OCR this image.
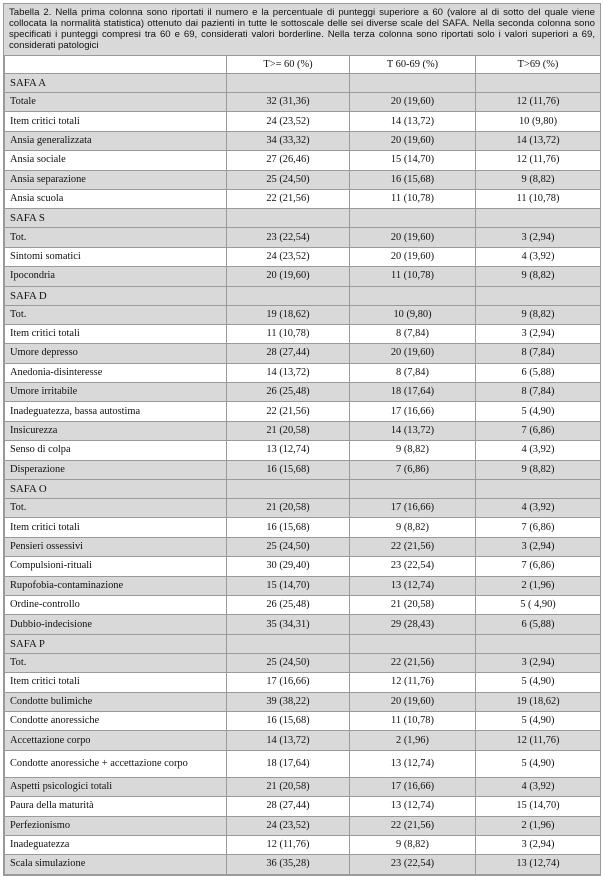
Tabella 2. Nella prima colonna sono riportati il numero e la percentuale di punteggi superiore a 60 (valore al di sotto del quale viene collocata la normalità statistica) ottenuto dai pazienti in tutte le sottoscale delle sei diverse scale del SAFA. Nella seconda colonna sono specificati i punteggi compresi tra 60 e 69, considerati valori borderline. Nella terza colonna sono riportati solo i valori superiori a 69, considerati patologici
	T>= 60 (%)	T 60-69 (%)	T>69 (%)
SAFA A			
Totale	32 (31,36)	20 (19,60)	12 (11,76)
Item critici totali	24 (23,52)	14 (13,72)	10 (9,80)
Ansia generalizzata	34 (33,32)	20 (19,60)	14 (13,72)
Ansia sociale	27 (26,46)	15 (14,70)	12 (11,76)
Ansia separazione	25 (24,50)	16 (15,68)	9 (8,82)
Ansia scuola	22 (21,56)	11 (10,78)	11 (10,78)
SAFA S			
Tot.	23 (22,54)	20 (19,60)	3 (2,94)
Sintomi somatici	24 (23,52)	20 (19,60)	4 (3,92)
Ipocondria	20 (19,60)	11 (10,78)	9 (8,82)
SAFA D			
Tot.	19 (18,62)	10 (9,80)	9 (8,82)
Item critici totali	11 (10,78)	8 (7,84)	3 (2,94)
Umore depresso	28 (27,44)	20 (19,60)	8 (7,84)
Anedonia-disinteresse	14 (13,72)	8 (7,84)	6 (5,88)
Umore irritabile	26 (25,48)	18 (17,64)	8 (7,84)
Inadeguatezza, bassa autostima	22 (21,56)	17 (16,66)	5 (4,90)
Insicurezza	21 (20,58)	14 (13,72)	7 (6,86)
Senso di colpa	13 (12,74)	9 (8,82)	4 (3,92)
Disperazione	16 (15,68)	7 (6,86)	9 (8,82)
SAFA O			
Tot.	21 (20,58)	17 (16,66)	4 (3,92)
Item critici totali	16 (15,68)	9 (8,82)	7 (6,86)
Pensieri ossessivi	25 (24,50)	22 (21,56)	3 (2,94)
Compulsioni-rituali	30 (29,40)	23 (22,54)	7 (6,86)
Rupofobia-contaminazione	15 (14,70)	13 (12,74)	2 (1,96)
Ordine-controllo	26 (25,48)	21 (20,58)	5 ( 4,90)
Dubbio-indecisione	35 (34,31)	29 (28,43)	6 (5,88)
SAFA P			
Tot.	25 (24,50)	22 (21,56)	3 (2,94)
Item critici totali	17 (16,66)	12 (11,76)	5 (4,90)
Condotte bulimiche	39 (38,22)	20 (19,60)	19 (18,62)
Condotte anoressiche	16 (15,68)	11 (10,78)	5 (4,90)
Accettazione corpo	14 (13,72)	2 (1,96)	12 (11,76)
Condotte anoressiche + accettazione corpo	18 (17,64)	13 (12,74)	5 (4,90)
Aspetti psicologici totali	21 (20,58)	17 (16,66)	4 (3,92)
Paura della maturità	28 (27,44)	13 (12,74)	15 (14,70)
Perfezionismo	24 (23,52)	22 (21,56)	2 (1,96)
Inadeguatezza	12 (11,76)	9 (8,82)	3 (2,94)
Scala simulazione	36 (35,28)	23 (22,54)	13 (12,74)
